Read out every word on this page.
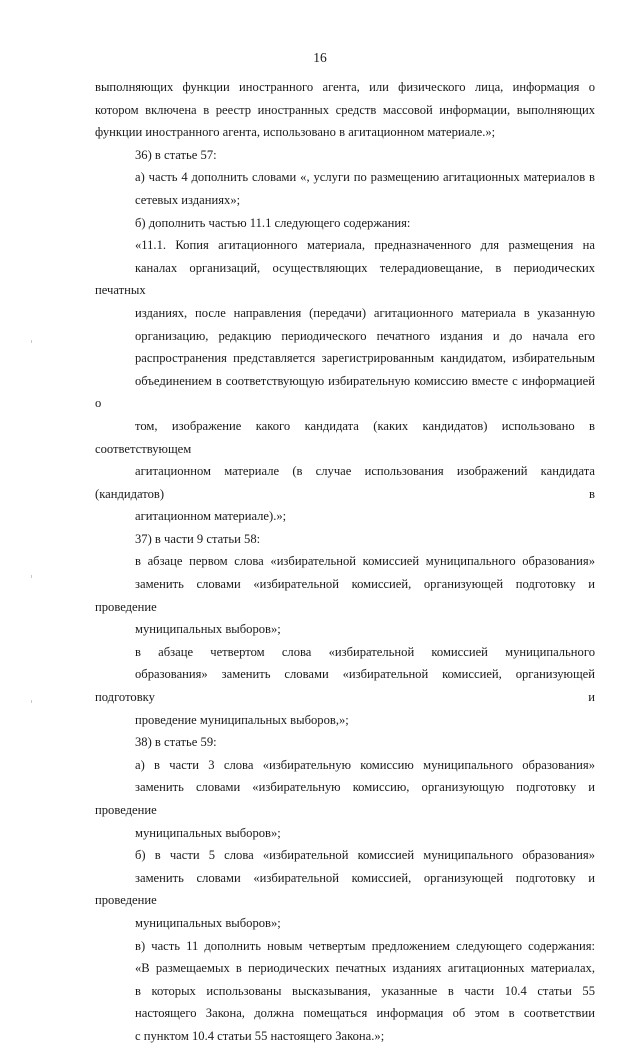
16
выполняющих функции иностранного агента, или физического лица, информация о
котором включена в реестр иностранных средств массовой информации, выполняющих
функции иностранного агента, использовано в агитационном материале.»;
36) в статье 57:
а) часть 4 дополнить словами «, услуги по размещению агитационных материалов в
сетевых изданиях»;
б) дополнить частью 11.1 следующего содержания:
«11.1. Копия агитационного материала, предназначенного для размещения на
каналах организаций, осуществляющих телерадиовещание, в периодических печатных
изданиях, после направления (передачи) агитационного материала в указанную
организацию, редакцию периодического печатного издания и до начала его
распространения представляется зарегистрированным кандидатом, избирательным
объединением в соответствующую избирательную комиссию вместе с информацией о
том, изображение какого кандидата (каких кандидатов) использовано в соответствующем
агитационном материале (в случае использования изображений кандидата (кандидатов) в
агитационном материале).»;
37) в части 9 статьи 58:
в абзаце первом слова «избирательной комиссией муниципального образования»
заменить словами «избирательной комиссией, организующей подготовку и проведение
муниципальных выборов»;
в абзаце четвертом слова «избирательной комиссией муниципального
образования» заменить словами «избирательной комиссией, организующей подготовку и
проведение муниципальных выборов,»;
38) в статье 59:
а) в части 3 слова «избирательную комиссию муниципального образования»
заменить словами «избирательную комиссию, организующую подготовку и проведение
муниципальных выборов»;
б) в части 5 слова «избирательной комиссией муниципального образования»
заменить словами «избирательной комиссией, организующей подготовку и проведение
муниципальных выборов»;
в) часть 11 дополнить новым четвертым предложением следующего содержания:
«В размещаемых в периодических печатных изданиях агитационных материалах,
в которых использованы высказывания, указанные в части 10.4 статьи 55
настоящего Закона, должна помещаться информация об этом в соответствии
с пунктом 10.4 статьи 55 настоящего Закона.»;
